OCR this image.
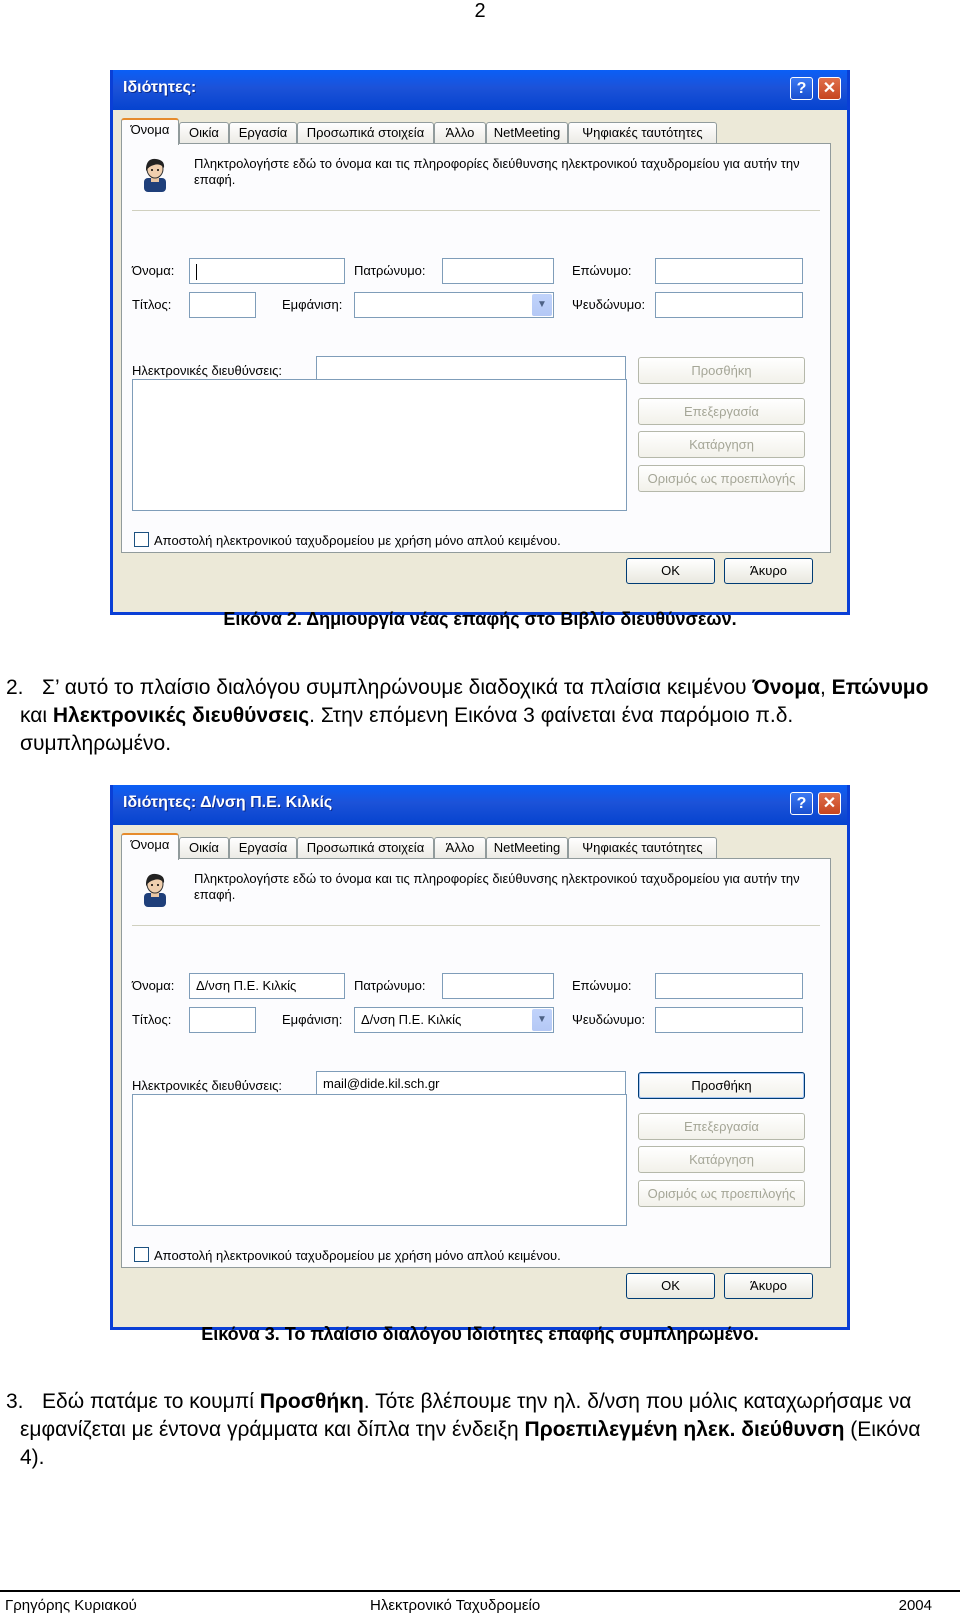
2
Ιδιότητες:	?	✕
Όνομα	Οικία	Εργασία	Προσωπικά στοιχεία	Άλλο	NetMeeting	Ψηφιακές ταυτότητες
Πληκτρολογήστε εδώ το όνομα και τις πληροφορίες διεύθυνσης ηλεκτρονικού ταχυδρομείου για αυτήν την επαφή.
Όνομα:	Πατρώνυμο:	Επώνυμο:
Τίτλος:	Εμφάνιση:	▼	Ψευδώνυμο:
Ηλεκτρονικές διευθύνσεις:	Προσθήκη
Επεξεργασία
Κατάργηση
Ορισμός ως προεπιλογής
Αποστολή ηλεκτρονικού ταχυδρομείου με χρήση μόνο απλού κειμένου.
OK	Άκυρο
Εικόνα 2. Δημιουργία νέας επαφής στο Βιβλίο διευθύνσεων.
2. Σ’ αυτό το πλαίσιο διαλόγου συμπληρώνουμε διαδοχικά τα πλαίσια κειμένου Όνομα, Επώνυμο και Ηλεκτρονικές διευθύνσεις. Στην επόμενη Εικόνα 3 φαίνεται ένα παρόμοιο π.δ. συμπληρωμένο.
Ιδιότητες: Δ/νση Π.Ε. Κιλκίς	?	✕
Όνομα	Οικία	Εργασία	Προσωπικά στοιχεία	Άλλο	NetMeeting	Ψηφιακές ταυτότητες
Πληκτρολογήστε εδώ το όνομα και τις πληροφορίες διεύθυνσης ηλεκτρονικού ταχυδρομείου για αυτήν την επαφή.
Όνομα:	Δ/νση Π.Ε. Κιλκίς	Πατρώνυμο:	Επώνυμο:
Τίτλος:	Εμφάνιση:	Δ/νση Π.Ε. Κιλκίς	▼	Ψευδώνυμο:
Ηλεκτρονικές διευθύνσεις:	mail@dide.kil.sch.gr	Προσθήκη
Επεξεργασία
Κατάργηση
Ορισμός ως προεπιλογής
Αποστολή ηλεκτρονικού ταχυδρομείου με χρήση μόνο απλού κειμένου.
OK	Άκυρο
Εικόνα 3. Το πλαίσιο διαλόγου Ιδιότητες επαφής συμπληρωμένο.
3. Εδώ πατάμε το κουμπί Προσθήκη. Τότε βλέπουμε την ηλ. δ/νση που μόλις καταχωρήσαμε να εμφανίζεται με έντονα γράμματα και δίπλα την ένδειξη Προεπιλεγμένη ηλεκ. διεύθυνση (Εικόνα 4).
Γρηγόρης Κυριακού	Ηλεκτρονικό Ταχυδρομείο	2004
